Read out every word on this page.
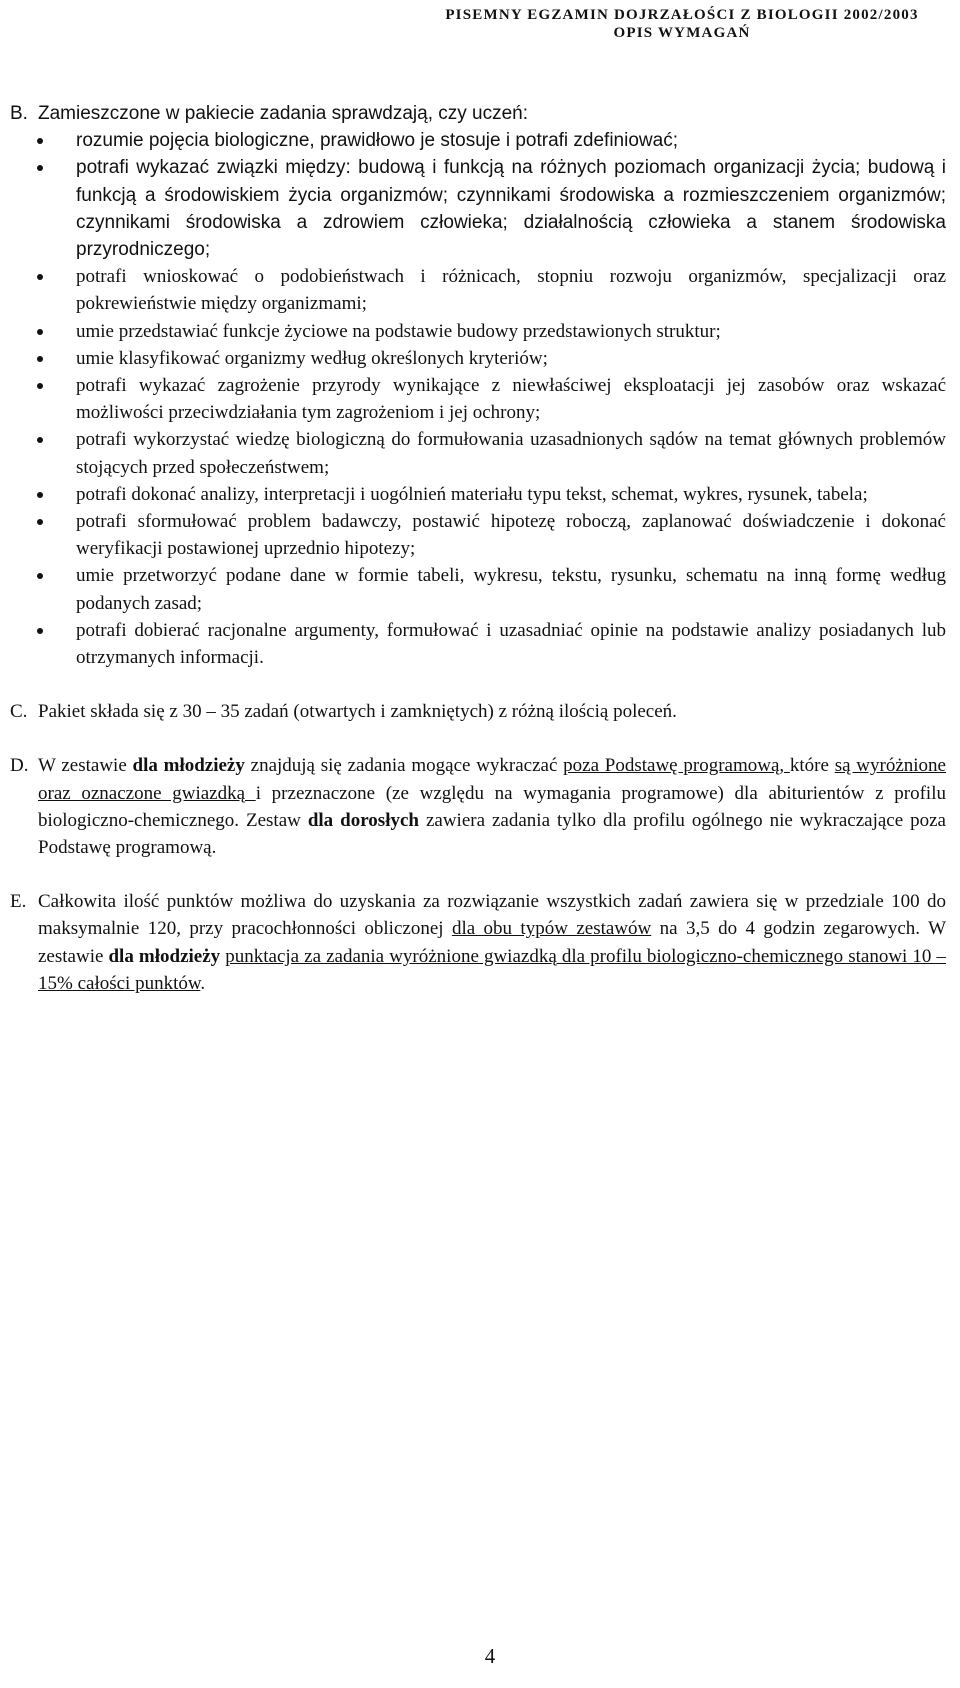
PISEMNY EGZAMIN DOJRZAŁOŚCI Z BIOLOGII 2002/2003
OPIS WYMAGAŃ
B. Zamieszczone w pakiecie zadania sprawdzają, czy uczeń:
rozumie pojęcia biologiczne, prawidłowo je stosuje i potrafi zdefiniować;
potrafi wykazać związki między: budową i funkcją na różnych poziomach organizacji życia; budową i funkcją a środowiskiem życia organizmów; czynnikami środowiska a rozmieszczeniem organizmów; czynnikami środowiska a zdrowiem człowieka; działalnością człowieka a stanem środowiska przyrodniczego;
potrafi wnioskować o podobieństwach i różnicach, stopniu rozwoju organizmów, specjalizacji oraz pokrewieństwie między organizmami;
umie przedstawiać funkcje życiowe na podstawie budowy przedstawionych struktur;
umie klasyfikować organizmy według określonych kryteriów;
potrafi wykazać zagrożenie przyrody wynikające z niewłaściwej eksploatacji jej zasobów oraz wskazać możliwości przeciwdziałania tym zagrożeniom i jej ochrony;
potrafi wykorzystać wiedzę biologiczną do formułowania uzasadnionych sądów na temat głównych problemów stojących przed społeczeństwem;
potrafi dokonać analizy, interpretacji i uogólnień materiału typu tekst, schemat, wykres, rysunek, tabela;
potrafi sformułować problem badawczy, postawić hipotezę roboczą, zaplanować doświadczenie i dokonać weryfikacji postawionej uprzednio hipotezy;
umie przetworzyć podane dane w formie tabeli, wykresu, tekstu, rysunku, schematu na inną formę według podanych zasad;
potrafi dobierać racjonalne argumenty, formułować i uzasadniać opinie na podstawie analizy posiadanych lub otrzymanych informacji.
C. Pakiet składa się z 30 – 35 zadań (otwartych i zamkniętych) z różną ilością poleceń.
D. W zestawie dla młodzieży znajdują się zadania mogące wykraczać poza Podstawę programową, które są wyróżnione oraz oznaczone gwiazdką i przeznaczone (ze względu na wymagania programowe) dla abiturientów z profilu biologiczno-chemicznego. Zestaw dla dorosłych zawiera zadania tylko dla profilu ogólnego nie wykraczające poza Podstawę programową.
E. Całkowita ilość punktów możliwa do uzyskania za rozwiązanie wszystkich zadań zawiera się w przedziale 100 do maksymalnie 120, przy pracochłonności obliczonej dla obu typów zestawów na 3,5 do 4 godzin zegarowych. W zestawie dla młodzieży punktacja za zadania wyróżnione gwiazdką dla profilu biologiczno-chemicznego stanowi 10 – 15% całości punktów.
4
